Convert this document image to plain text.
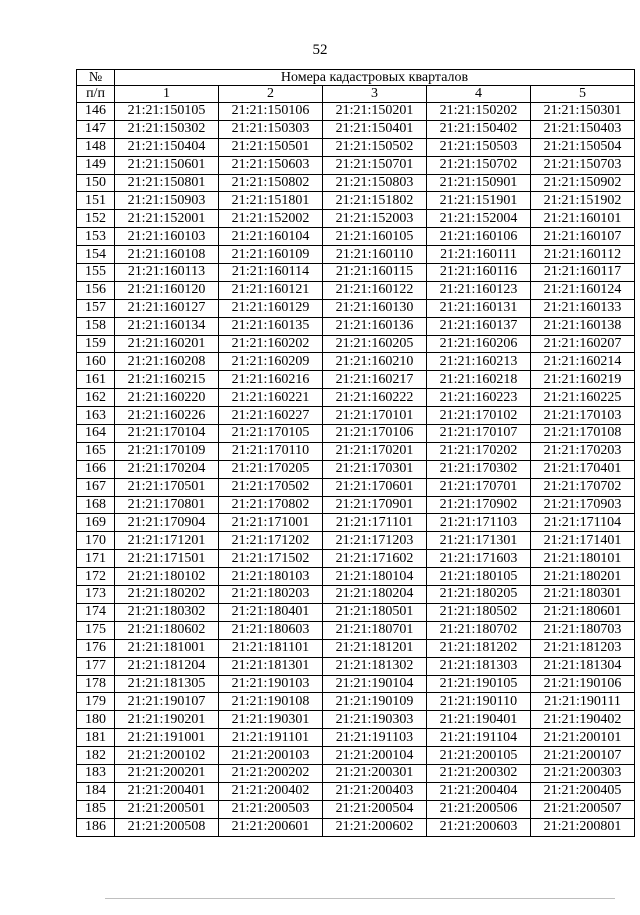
52
№	Номера кадастровых кварталов				
п/п	1	2	3	4	5
146	21:21:150105	21:21:150106	21:21:150201	21:21:150202	21:21:150301
147	21:21:150302	21:21:150303	21:21:150401	21:21:150402	21:21:150403
148	21:21:150404	21:21:150501	21:21:150502	21:21:150503	21:21:150504
149	21:21:150601	21:21:150603	21:21:150701	21:21:150702	21:21:150703
150	21:21:150801	21:21:150802	21:21:150803	21:21:150901	21:21:150902
151	21:21:150903	21:21:151801	21:21:151802	21:21:151901	21:21:151902
152	21:21:152001	21:21:152002	21:21:152003	21:21:152004	21:21:160101
153	21:21:160103	21:21:160104	21:21:160105	21:21:160106	21:21:160107
154	21:21:160108	21:21:160109	21:21:160110	21:21:160111	21:21:160112
155	21:21:160113	21:21:160114	21:21:160115	21:21:160116	21:21:160117
156	21:21:160120	21:21:160121	21:21:160122	21:21:160123	21:21:160124
157	21:21:160127	21:21:160129	21:21:160130	21:21:160131	21:21:160133
158	21:21:160134	21:21:160135	21:21:160136	21:21:160137	21:21:160138
159	21:21:160201	21:21:160202	21:21:160205	21:21:160206	21:21:160207
160	21:21:160208	21:21:160209	21:21:160210	21:21:160213	21:21:160214
161	21:21:160215	21:21:160216	21:21:160217	21:21:160218	21:21:160219
162	21:21:160220	21:21:160221	21:21:160222	21:21:160223	21:21:160225
163	21:21:160226	21:21:160227	21:21:170101	21:21:170102	21:21:170103
164	21:21:170104	21:21:170105	21:21:170106	21:21:170107	21:21:170108
165	21:21:170109	21:21:170110	21:21:170201	21:21:170202	21:21:170203
166	21:21:170204	21:21:170205	21:21:170301	21:21:170302	21:21:170401
167	21:21:170501	21:21:170502	21:21:170601	21:21:170701	21:21:170702
168	21:21:170801	21:21:170802	21:21:170901	21:21:170902	21:21:170903
169	21:21:170904	21:21:171001	21:21:171101	21:21:171103	21:21:171104
170	21:21:171201	21:21:171202	21:21:171203	21:21:171301	21:21:171401
171	21:21:171501	21:21:171502	21:21:171602	21:21:171603	21:21:180101
172	21:21:180102	21:21:180103	21:21:180104	21:21:180105	21:21:180201
173	21:21:180202	21:21:180203	21:21:180204	21:21:180205	21:21:180301
174	21:21:180302	21:21:180401	21:21:180501	21:21:180502	21:21:180601
175	21:21:180602	21:21:180603	21:21:180701	21:21:180702	21:21:180703
176	21:21:181001	21:21:181101	21:21:181201	21:21:181202	21:21:181203
177	21:21:181204	21:21:181301	21:21:181302	21:21:181303	21:21:181304
178	21:21:181305	21:21:190103	21:21:190104	21:21:190105	21:21:190106
179	21:21:190107	21:21:190108	21:21:190109	21:21:190110	21:21:190111
180	21:21:190201	21:21:190301	21:21:190303	21:21:190401	21:21:190402
181	21:21:191001	21:21:191101	21:21:191103	21:21:191104	21:21:200101
182	21:21:200102	21:21:200103	21:21:200104	21:21:200105	21:21:200107
183	21:21:200201	21:21:200202	21:21:200301	21:21:200302	21:21:200303
184	21:21:200401	21:21:200402	21:21:200403	21:21:200404	21:21:200405
185	21:21:200501	21:21:200503	21:21:200504	21:21:200506	21:21:200507
186	21:21:200508	21:21:200601	21:21:200602	21:21:200603	21:21:200801
